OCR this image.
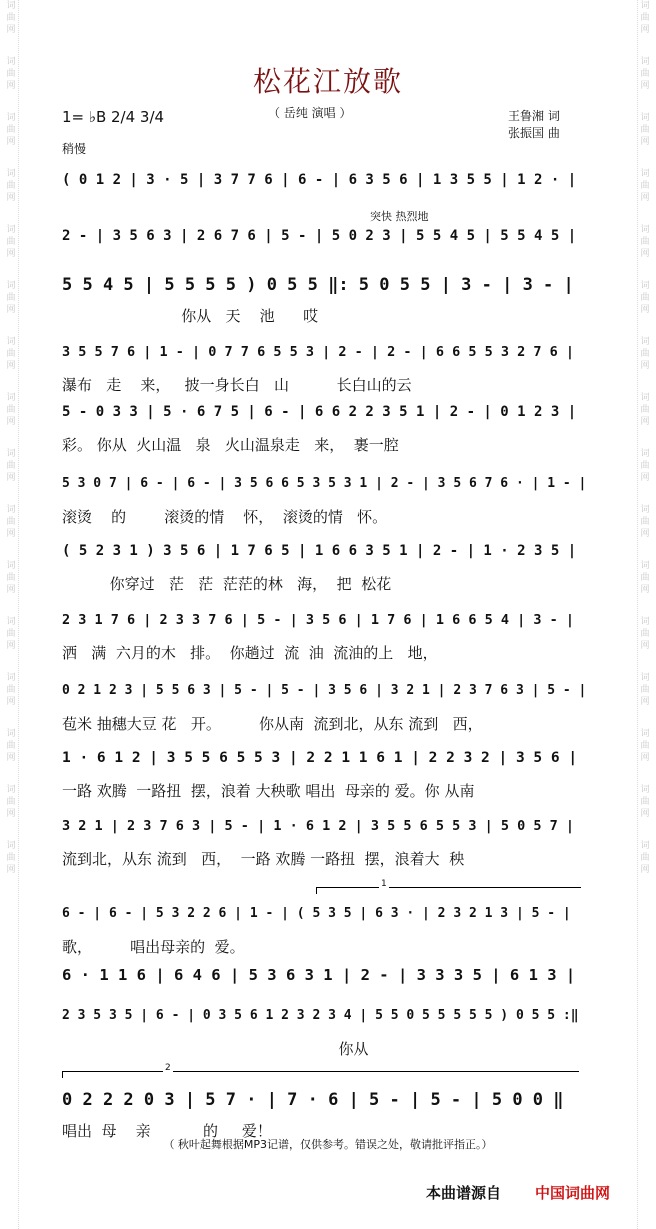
词
曲
网
词
曲
网
词
曲
网
词
曲
网
词
曲
网
词
曲
网
词
曲
网
词
曲
网
词
曲
网
词
曲
网
词
曲
网
词
曲
网
词
曲
网
词
曲
网
词
曲
网
词
曲
网
词
曲
网
词
曲
网
词
曲
网
词
曲
网
词
曲
网
词
曲
网
词
曲
网
词
曲
网
词
曲
网
词
曲
网
词
曲
网
词
曲
网
词
曲
网
词
曲
网
词
曲
网
词
曲
网
松花江放歌
（ 岳纯 演唱 ）	王鲁湘 词
张振国 曲
1= ♭B 2/4 3/4
稍慢
突快 热烈地
( 0 1 2 | 3 · 5 | 3 7 7 6 | 6 - | 6 3 5 6 | 1 3 5 5 | 1 2 · |
2 - | 3 5 6 3 | 2 6 7 6 | 5 - | 5 0 2 3 | 5 5 4 5 | 5 5 4 5 |
5 5 4 5 | 5 5 5 5 ) 0 5 5 ‖: 5 0 5 5 | 3 - | 3 - |
你从   天    池      哎
3 5 5 7 6 | 1 - | 0 7 7 6 5 5 3 | 2 - | 2 - | 6 6 5 5 3 2 7 6 |
瀑布   走    来，   披一身长白   山          长白山的云
5 - 0 3 3 | 5 · 6 7 5 | 6 - | 6 6 2 2 3 5 1 | 2 - | 0 1 2 3 |
彩。 你从  火山温   泉   火山温泉走   来，  裹一腔
5 3 0 7 | 6 - | 6 - | 3 5 6 6 5 3 5 3 1 | 2 - | 3 5 6 7 6 · | 1 - |
滚烫    的        滚烫的情    怀，  滚烫的情   怀。
( 5 2 3 1 ) 3 5 6 | 1 7 6 5 | 1 6 6 3 5 1 | 2 - | 1 · 2 3 5 |
你穿过   茫   茫  茫茫的林   海，  把  松花
2 3 1 7 6 | 2 3 3 7 6 | 5 - | 3 5 6 | 1 7 6 | 1 6 6 5 4 | 3 - |
洒   满  六月的木   排。  你趟过  流  油  流油的上   地，
0 2 1 2 3 | 5 5 6 3 | 5 - | 5 - | 3 5 6 | 3 2 1 | 2 3 7 6 3 | 5 - |
苞米 抽穗大豆 花   开。        你从南  流到北，从东 流到   西，
1 · 6 1 2 | 3 5 5 6 5 5 3 | 2 2 1 1 6 1 | 2 2 3 2 | 3 5 6 |
一路 欢腾  一路扭  摆，浪着 大秧歌 唱出  母亲的 爱。你 从南
3 2 1 | 2 3 7 6 3 | 5 - | 1 · 6 1 2 | 3 5 5 6 5 5 3 | 5 0 5 7 |
流到北，从东 流到   西，  一路 欢腾 一路扭  摆，浪着大  秧
6 - | 6 - | 5 3 2 2 6 | 1 - | ( 5 3 5 | 6 3 · | 2 3 2 1 3 | 5 - |
歌，        唱出母亲的  爱。
6 · 1 1 6 | 6 4 6 | 5 3 6 3 1 | 2 - | 3 3 3 5 | 6 1 3 |
2 3 5 3 5 | 6 - | 0 3 5 6 1 2 3 2 3 4 | 5 5 0 5 5 5 5 5 ) 0 5 5 :‖
你从
0 2 2 2 0 3 | 5 7 · | 7 · 6 | 5 - | 5 - | 5 0 0 ‖
唱出  母    亲           的     爱！
1
2
（ 秋叶起舞根据MP3记谱，仅供参考。错误之处，敬请批评指正。）
本曲谱源自 中国词曲网
